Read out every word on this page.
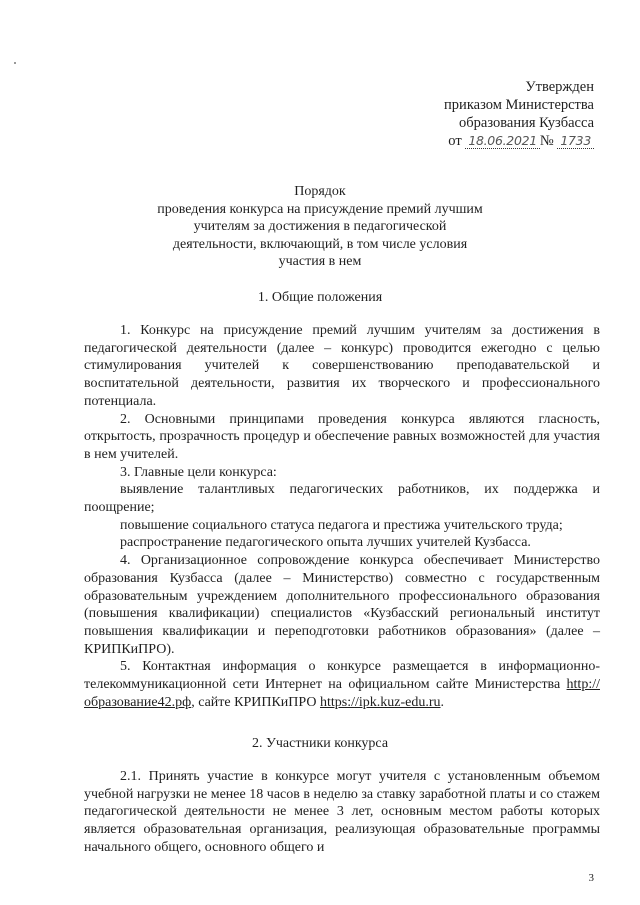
Утвержден
приказом Министерства
образования Кузбасса
от 18.06.2021 № 1733
Порядок
проведения конкурса на присуждение премий лучшим
учителям за достижения в педагогической
деятельности, включающий, в том числе условия
участия в нем
1. Общие положения

1. Конкурс на присуждение премий лучшим учителям за достижения в педагогической деятельности (далее – конкурс) проводится ежегодно с целью стимулирования учителей к совершенствованию преподавательской и воспитательной деятельности, развития их творческого и профессионального потенциала.

2. Основными принципами проведения конкурса являются гласность, открытость, прозрачность процедур и обеспечение равных возможностей для участия в нем учителей.

3. Главные цели конкурса:

выявление талантливых педагогических работников, их поддержка и поощрение;

повышение социального статуса педагога и престижа учительского труда;

распространение педагогического опыта лучших учителей Кузбасса.

4. Организационное сопровождение конкурса обеспечивает Министерство образования Кузбасса (далее – Министерство) совместно с государственным образовательным учреждением дополнительного профессионального образования (повышения квалификации) специалистов «Кузбасский региональный институт повышения квалификации и переподготовки работников образования» (далее – КРИПКиПРО).

5. Контактная информация о конкурсе размещается в информационно-телекоммуникационной сети Интернет на официальном сайте Министерства http://образование42.рф, сайте КРИПКиПРО https://ipk.kuz-edu.ru.

2. Участники конкурса

2.1. Принять участие в конкурсе могут учителя с установленным объемом учебной нагрузки не менее 18 часов в неделю за ставку заработной платы и со стажем педагогической деятельности не менее 3 лет, основным местом работы которых является образовательная организация, реализующая образовательные программы начального общего, основного общего и

3
